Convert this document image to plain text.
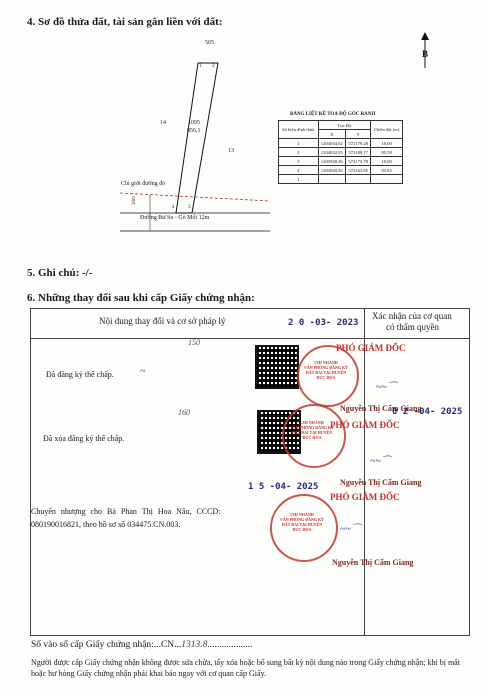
4. Sơ đồ thửa đất, tài sản gắn liền với đất:
B
505
14
13
1 2
3
4
1095
856,1
Chỉ giới đường đỏ
10m
Đường Bư Su - Gò Mối 12m
BẢNG LIỆT KÊ TOẠ ĐỘ GÓC RANH
Số hiệu đỉnh thửa	Tọa Độ		Chiều dài (m)
	X	Y	
1	1204034,02	572179,28	10,00
2	1204032,55	572189,17	85,58
3	1203948,36	572173,78	10,00
4	1203949,56	572163,85	85,85
1			
5. Ghi chú: -/-
6. Những thay đổi sau khi cấp Giấy chứng nhận:
Nội dung thay đổi và cơ sở pháp lý	Xác nhận của cơ quan
có thẩm quyền
150
Đã đăng ký thế chấp.	~
2 0 -03- 2023
CHI NHÁNH
VĂN PHÒNG ĐĂNG KÝ
ĐẤT ĐAI TẠI HUYỆN
ĐỨC HÒA
PHÓ GIÁM ĐỐC
~~⌒
Nguyễn Thị Cẩm Giang
160
Đã xóa đăng ký thế chấp.
CHI NHÁNH
VĂN PHÒNG ĐĂNG KÝ
ĐẤT ĐAI TẠI HUYỆN
ĐỨC HÒA
PHÓ GIÁM ĐỐC
0 2 -04- 2025
~~⌒
Nguyễn Thị Cẩm Giang
1 5 -04- 2025
Chuyển nhượng cho Bà Phan Thị Hoa Nâu, CCCD:
080190016821, theo hồ sơ số 034475.CN.003.
CHI NHÁNH
VĂN PHÒNG ĐĂNG KÝ
ĐẤT ĐAI TẠI HUYỆN
ĐỨC HÒA
PHÓ GIÁM ĐỐC
~~⌒
Nguyễn Thị Cẩm Giang
Số vào sổ cấp Giấy chứng nhận:...CN...1313.8...................
Người được cấp Giấy chứng nhận không được sửa chữa, tẩy xóa hoặc bổ sung bất kỳ nội dung nào trong Giấy chứng nhận; khi bị mất hoặc hư hỏng Giấy chứng nhận phải khai báo ngay với cơ quan cấp Giấy.
